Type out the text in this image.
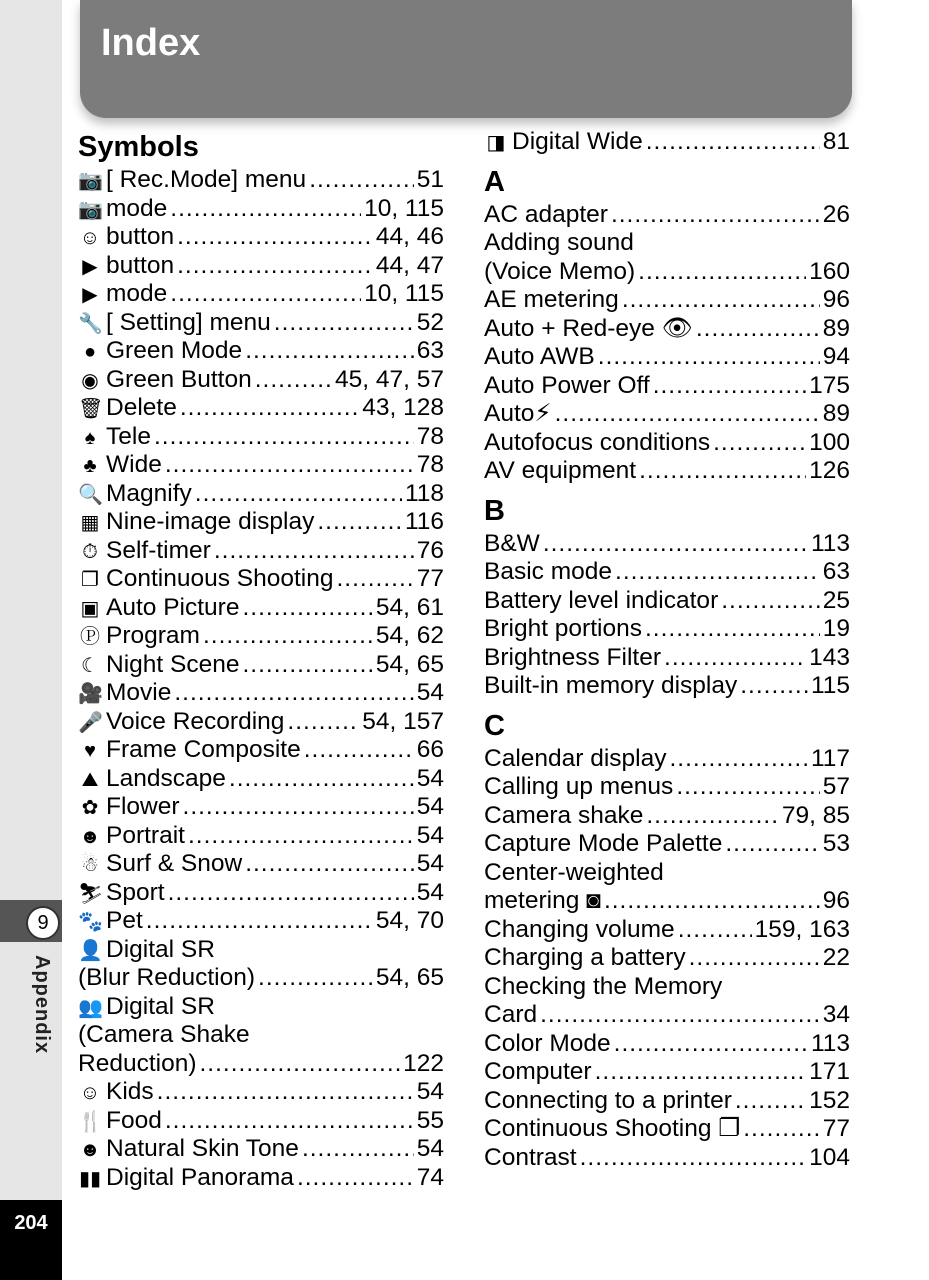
9
Appendix
204
Index
Symbols
📷 [ Rec.Mode] menu .....	51
📷 mode .....	10, 115
☺ button .....	44, 46
▶ button .....	44, 47
▶ mode .....	10, 115
🔧 [ Setting] menu .....	52
● Green Mode .....	63
◉ Green Button .....	45, 47, 57
🗑 Delete .....	43, 128
♠ Tele .....	78
♣ Wide .....	78
🔍 Magnify .....	118
▦ Nine-image display .....	116
⏱ Self-timer .....	76
❐ Continuous Shooting .....	77
▣ Auto Picture .....	54, 61
Ⓟ Program .....	54, 62
☾ Night Scene .....	54, 65
🎥 Movie .....	54
🎤 Voice Recording .....	54, 157
♥ Frame Composite .....	66
⛰ Landscape .....	54
✿ Flower .....	54
☻ Portrait .....	54
☃ Surf & Snow .....	54
⛷ Sport .....	54
🐾 Pet .....	54, 70
👤 Digital SR
(Blur Reduction) .....	54, 65
👥 Digital SR
(Camera Shake
Reduction) .....	122
☺ Kids .....	54
🍴 Food .....	55
☻ Natural Skin Tone .....	54
▮▮ Digital Panorama .....	74
◨ Digital Wide .....	81
A
AC adapter .....	26
Adding sound
(Voice Memo) .....	160
AE metering .....	96
Auto + Red-eye 👁 .....	89
Auto AWB .....	94
Auto Power Off .....	175
Auto⚡ .....	89
Autofocus conditions .....	100
AV equipment .....	126
B
B&W .....	113
Basic mode .....	63
Battery level indicator .....	25
Bright portions .....	19
Brightness Filter .....	143
Built-in memory display .....	115
C
Calendar display .....	117
Calling up menus .....	57
Camera shake .....	79, 85
Capture Mode Palette .....	53
Center-weighted
metering ◙ .....	96
Changing volume .....	159, 163
Charging a battery .....	22
Checking the Memory
Card .....	34
Color Mode .....	113
Computer .....	171
Connecting to a printer .....	152
Continuous Shooting ❐ .....	77
Contrast .....	104
